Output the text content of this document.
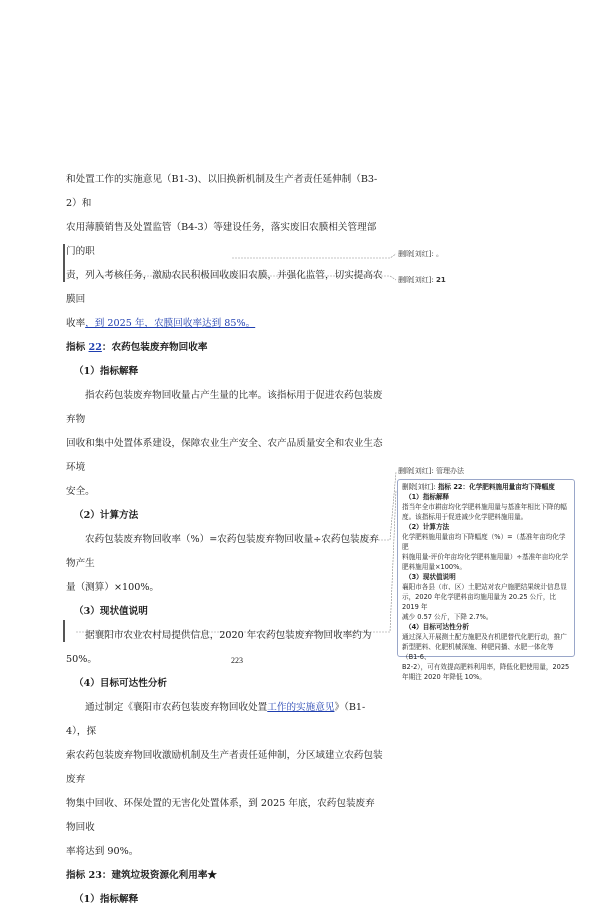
和处置工作的实施意见（B1-3)、以旧换新机制及生产者责任延伸制（B3-2）和

农用薄膜销售及处置监管（B4-3）等建设任务，落实废旧农膜相关管理部门的职

责，列入考核任务，激励农民积极回收废旧农膜，并强化监管，切实提高农膜回

收率，到 2025 年，农膜回收率达到 85%。

指标 22：农药包装废弃物回收率

（1）指标解释

指农药包装废弃物回收量占产生量的比率。该指标用于促进农药包装废弃物

回收和集中处置体系建设，保障农业生产安全、农产品质量安全和农业生态环境

安全。

（2）计算方法

农药包装废弃物回收率（%）=农药包装废弃物回收量÷农药包装废弃物产生

量（测算）×100%。

（3）现状值说明

据襄阳市农业农村局提供信息，2020 年农药包装废弃物回收率约为 50%。

（4）目标可达性分析

通过制定《襄阳市农药包装废弃物回收处置工作的实施意见》（B1-4），探

索农药包装废弃物回收激励机制及生产者责任延伸制，分区域建立农药包装废弃

物集中回收、环保处置的无害化处置体系，到 2025 年底，农药包装废弃物回收

率将达到 90%。

指标 23：建筑垃圾资源化利用率★

（1）指标解释

223
删除[刘红]: 。
删除[刘红]: 21
删除[刘红]: 管理办法

删除[刘红]: 指标 22：化学肥料施用量亩均下降幅度

（1）指标解释

指当年全市耕亩均化学肥料施用量与基准年相比下降的幅

度。该指标用于促进减少化学肥料施用量。

（2）计算方法

化学肥料施用量亩均下降幅度（%）=（基准年亩均化学肥

料施用量-评价年亩均化学肥料施用量）÷基准年亩均化学

肥料施用量×100%。

（3）现状值说明

襄阳市各县（市、区）土肥站对农户施肥结果统计信息显

示，2020 年化学肥料亩均施用量为 20.25 公斤，比 2019 年

减少 0.57 公斤，下降 2.7%。

（4）目标可达性分析

通过深入开展测土配方施肥及有机肥替代化肥行动，推广

新型肥料、化肥机械深施、种肥同播、水肥一体化等（B1-6、

B2-2），可有效提高肥料利用率，降低化肥使用量，2025

年期注 2020 年降低 10%。
